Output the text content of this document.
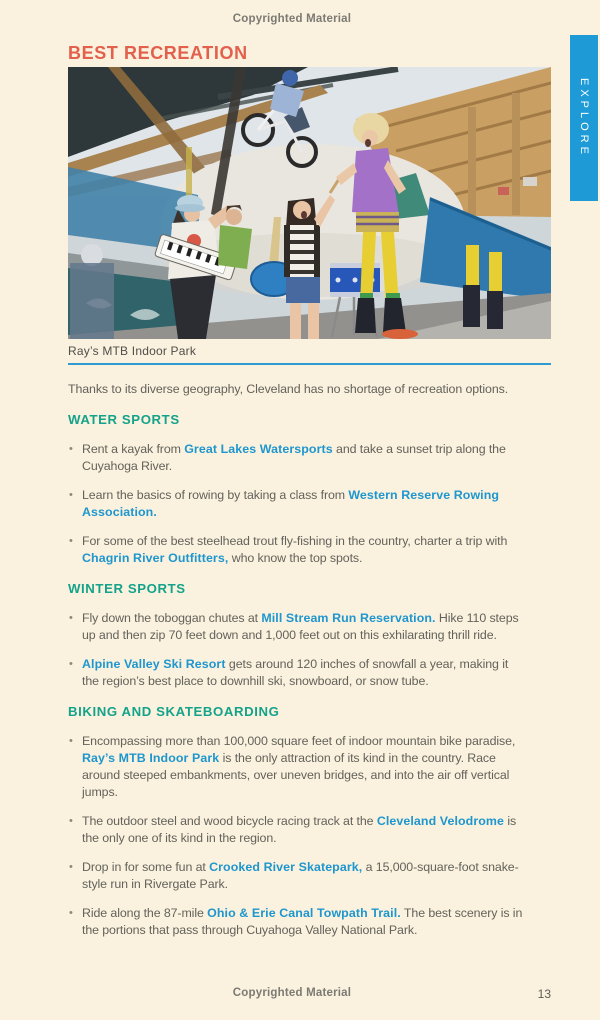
Copyrighted Material
BEST RECREATION
EXPLORE
Ray’s MTB Indoor Park

Thanks to its diverse geography, Cleveland has no shortage of recreation options.

WATER SPORTS
• Rent a kayak from Great Lakes Watersports and take a sunset trip along the Cuyahoga River.
• Learn the basics of rowing by taking a class from Western Reserve Rowing Association.
• For some of the best steelhead trout fly-fishing in the country, charter a trip with Chagrin River Outfitters, who know the top spots.
WINTER SPORTS
• Fly down the toboggan chutes at Mill Stream Run Reservation. Hike 110 steps up and then zip 70 feet down and 1,000 feet out on this exhilarating thrill ride.
• Alpine Valley Ski Resort gets around 120 inches of snowfall a year, making it the region’s best place to downhill ski, snowboard, or snow tube.
BIKING AND SKATEBOARDING
• Encompassing more than 100,000 square feet of indoor mountain bike paradise, Ray’s MTB Indoor Park is the only attraction of its kind in the country. Race around steeped embankments, over uneven bridges, and into the air off vertical jumps.
• The outdoor steel and wood bicycle racing track at the Cleveland Velodrome is the only one of its kind in the region.
• Drop in for some fun at Crooked River Skatepark, a 15,000-square-foot snake-style run in Rivergate Park.
• Ride along the 87-mile Ohio & Erie Canal Towpath Trail. The best scenery is in the portions that pass through Cuyahoga Valley National Park.
Copyrighted Material	13
